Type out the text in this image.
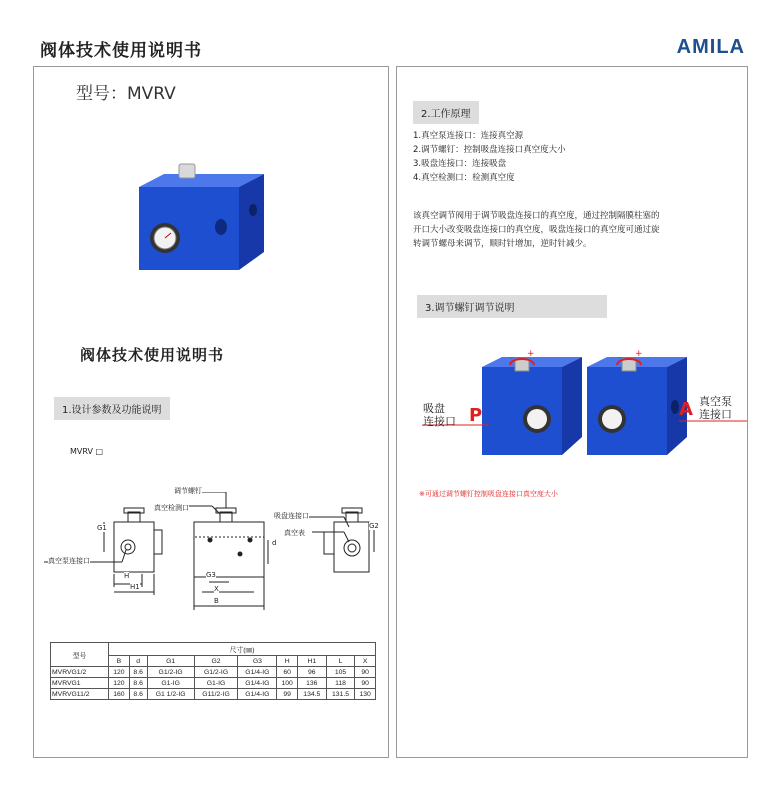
阀体技术使用说明书	AMILA
型号：MVRV
阀体技术使用说明书
1.设计参数及功能说明
MVRV □
调节螺钉
真空检测口
吸盘连接口
真空表
真空泵连接口
G1	G2
G3
H
H1	X
B
d
型号	尺寸(㎜)								
	B	d	G1	G2	G3	H	H1	L	X
MVRVG1/2	120	8.6	G1/2-IG	G1/2-IG	G1/4-IG	60	96	105	90
MVRVG1	120	8.6	G1-IG	G1-IG	G1/4-IG	100	136	118	90
MVRVG11/2	160	8.6	G1 1/2-IG	G11/2-IG	G1/4-IG	99	134.5	131.5	130
2.工作原理
1.真空泵连接口：连接真空源
2.调节螺钉：控制吸盘连接口真空度大小
3.吸盘连接口：连接吸盘
4.真空检测口：检测真空度
该真空调节阀用于调节吸盘连接口的真空度，通过控制隔膜柱塞的
开口大小改变吸盘连接口的真空度，吸盘连接口的真空度可通过旋
转调节螺母来调节，顺时针增加，逆时针减少。
3.调节螺钉调节说明
- +	- +
吸盘
连接口 P	A 真空泵
连接口
※可通过调节螺钉控制吸盘连接口真空度大小
